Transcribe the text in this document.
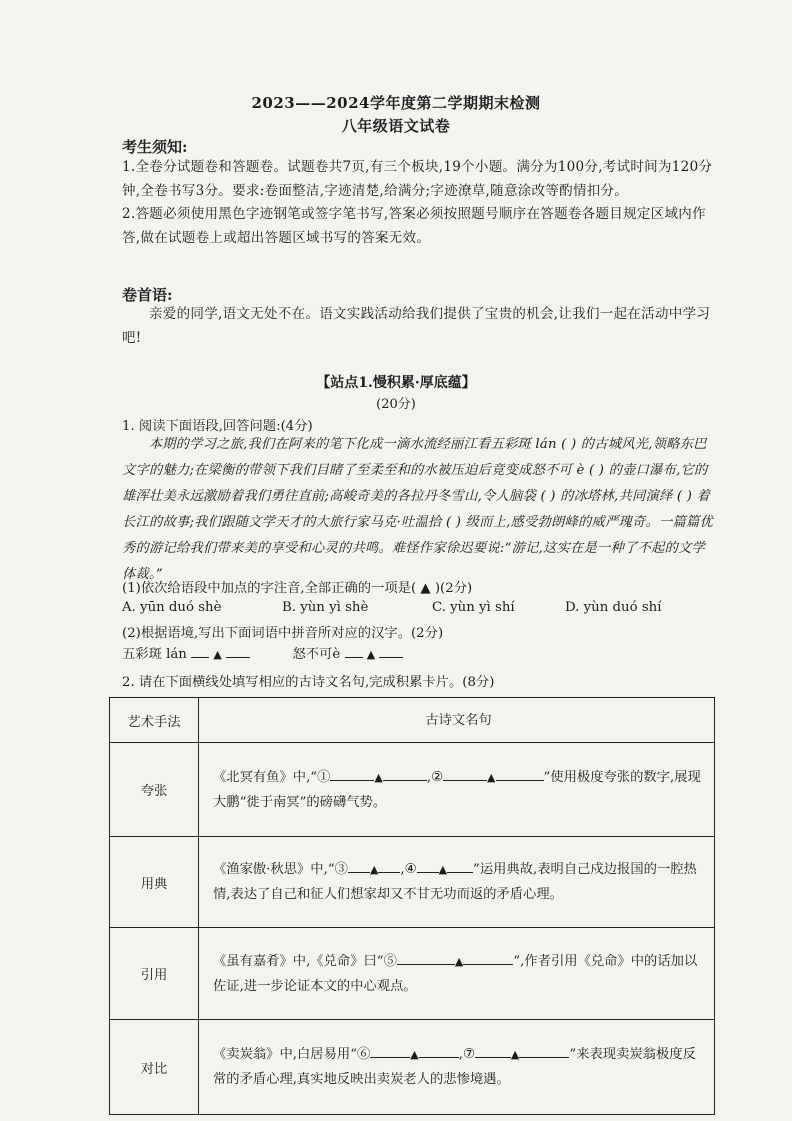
2023——2024学年度第二学期期末检测
八年级语文试卷
考生须知:

1.全卷分试题卷和答题卷。试题卷共7页,有三个板块,19个小题。满分为100分,考试时间为120分钟,全卷书写3分。要求:卷面整洁,字迹清楚,给满分;字迹潦草,随意涂改等酌情扣分。

2.答题必须使用黑色字迹钢笔或签字笔书写,答案必须按照题号顺序在答题卷各题目规定区域内作答,做在试题卷上或超出答题区域书写的答案无效。

卷首语:

亲爱的同学,语文无处不在。语文实践活动给我们提供了宝贵的机会,让我们一起在活动中学习吧!

【站点1.慢积累·厚底蕴】
(20分)
1. 阅读下面语段,回答问题:(4分)

本期的学习之旅,我们在阿来的笔下化成一滴水流经丽江看五彩斑 lán ( ) 的古城风光,领略东巴文字的魅力;在梁衡的带领下我们目睹了至柔至和的水被压迫后竟变成怒不可 è ( ) 的壶口瀑布,它的雄浑壮美永远激励着我们勇往直前;高峻奇美的各拉丹冬雪山,令人脑袋 ( ) 的冰塔林,共同演绎 ( ) 着长江的故事;我们跟随文学天才的大旅行家马克·吐温拾 ( ) 级而上,感受勃朗峰的威严瑰奇。一篇篇优秀的游记给我们带来美的享受和心灵的共鸣。难怪作家徐迟要说:“游记,这实在是一种了不起的文学体裁。”

(1)依次给语段中加点的字注音,全部正确的一项是( ▲ )(2分)
A. yūn duó shè	B. yùn yì shè	C. yùn yì shí	D. yùn duó shí
(2)根据语境,写出下面词语中拼音所对应的汉字。(2分)
五彩斑 lán ▲	怒不可è ▲
2. 请在下面横线处填写相应的古诗文名句,完成积累卡片。(8分)
艺术手法	古诗文名句
夸张	《北冥有鱼》中,“① ▲ ,② ▲ ”使用极度夸张的数字,展现大鹏“徙于南冥”的磅礴气势。
用典	《渔家傲·秋思》中,“③ ▲ ,④ ▲ ”运用典故,表明自己戍边报国的一腔热情,表达了自己和征人们想家却又不甘无功而返的矛盾心理。
引用	《虽有嘉肴》中,《兑命》曰“⑤ ▲ ”,作者引用《兑命》中的话加以佐证,进一步论证本文的中心观点。
对比	《卖炭翁》中,白居易用“⑥ ▲ ,⑦ ▲ ”来表现卖炭翁极度反常的矛盾心理,真实地反映出卖炭老人的悲惨境遇。
